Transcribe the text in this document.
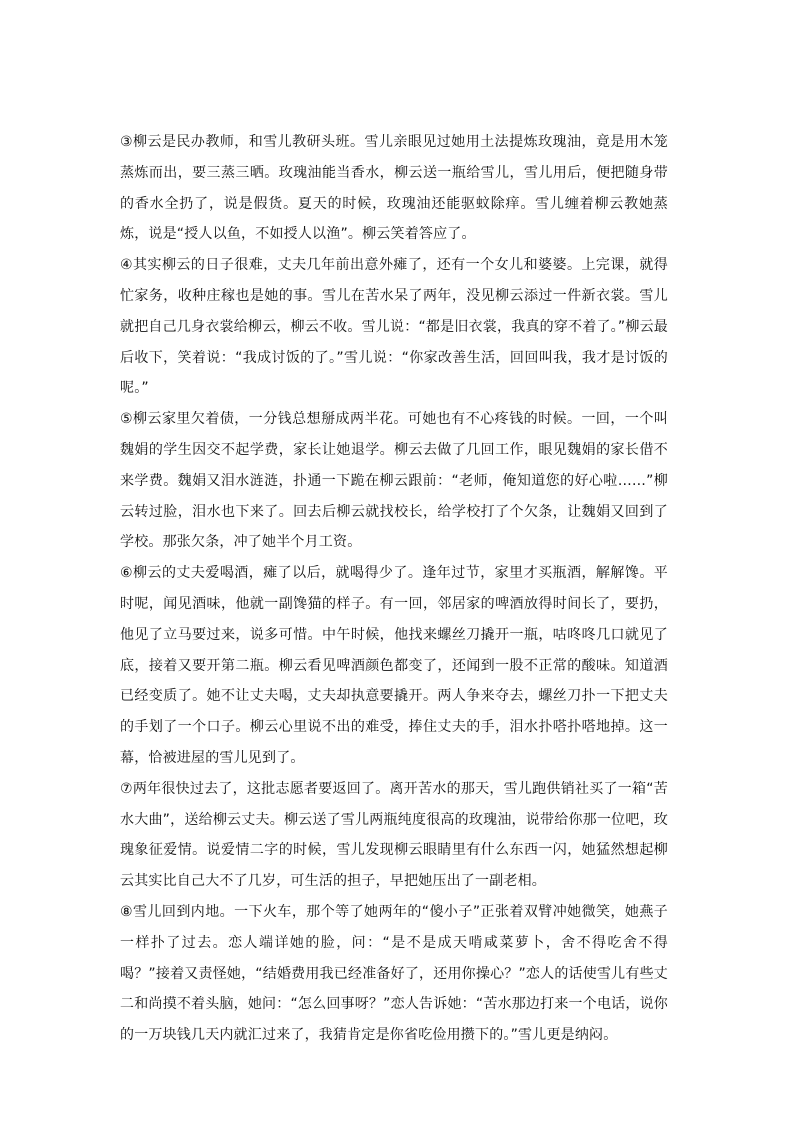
③柳云是民办教师，和雪儿教研头班。雪儿亲眼见过她用土法提炼玫瑰油，竟是用木笼蒸炼而出，要三蒸三晒。玫瑰油能当香水，柳云送一瓶给雪儿，雪儿用后，便把随身带的香水全扔了，说是假货。夏天的时候，玫瑰油还能驱蚊除痒。雪儿缠着柳云教她蒸炼，说是“授人以鱼，不如授人以渔”。柳云笑着答应了。

④其实柳云的日子很难，丈夫几年前出意外瘫了，还有一个女儿和婆婆。上完课，就得忙家务，收种庄稼也是她的事。雪儿在苦水呆了两年，没见柳云添过一件新衣裳。雪儿就把自己几身衣裳给柳云，柳云不收。雪儿说：“都是旧衣裳，我真的穿不着了。”柳云最后收下，笑着说：“我成讨饭的了。”雪儿说：“你家改善生活，回回叫我，我才是讨饭的呢。”

⑤柳云家里欠着债，一分钱总想掰成两半花。可她也有不心疼钱的时候。一回，一个叫魏娟的学生因交不起学费，家长让她退学。柳云去做了几回工作，眼见魏娟的家长借不来学费。魏娟又泪水涟涟，扑通一下跪在柳云跟前：“老师，俺知道您的好心啦……”柳云转过脸，泪水也下来了。回去后柳云就找校长，给学校打了个欠条，让魏娟又回到了学校。那张欠条，冲了她半个月工资。

⑥柳云的丈夫爱喝酒，瘫了以后，就喝得少了。逢年过节，家里才买瓶酒，解解馋。平时呢，闻见酒味，他就一副馋猫的样子。有一回，邻居家的啤酒放得时间长了，要扔，他见了立马要过来，说多可惜。中午时候，他找来螺丝刀撬开一瓶，咕咚咚几口就见了底，接着又要开第二瓶。柳云看见啤酒颜色都变了，还闻到一股不正常的酸味。知道酒已经变质了。她不让丈夫喝，丈夫却执意要撬开。两人争来夺去，螺丝刀扑一下把丈夫的手划了一个口子。柳云心里说不出的难受，捧住丈夫的手，泪水扑嗒扑嗒地掉。这一幕，恰被进屋的雪儿见到了。

⑦两年很快过去了，这批志愿者要返回了。离开苦水的那天，雪儿跑供销社买了一箱“苦水大曲”，送给柳云丈夫。柳云送了雪儿两瓶纯度很高的玫瑰油，说带给你那一位吧，玫瑰象征爱情。说爱情二字的时候，雪儿发现柳云眼睛里有什么东西一闪，她猛然想起柳云其实比自己大不了几岁，可生活的担子，早把她压出了一副老相。

⑧雪儿回到内地。一下火车，那个等了她两年的“傻小子”正张着双臂冲她微笑，她燕子一样扑了过去。恋人端详她的脸，问：“是不是成天啃咸菜萝卜，舍不得吃舍不得喝？”接着又责怪她，“结婚费用我已经准备好了，还用你操心？”恋人的话使雪儿有些丈二和尚摸不着头脑，她问：“怎么回事呀？”恋人告诉她：“苦水那边打来一个电话，说你的一万块钱几天内就汇过来了，我猜肯定是你省吃俭用攒下的。”雪儿更是纳闷。
